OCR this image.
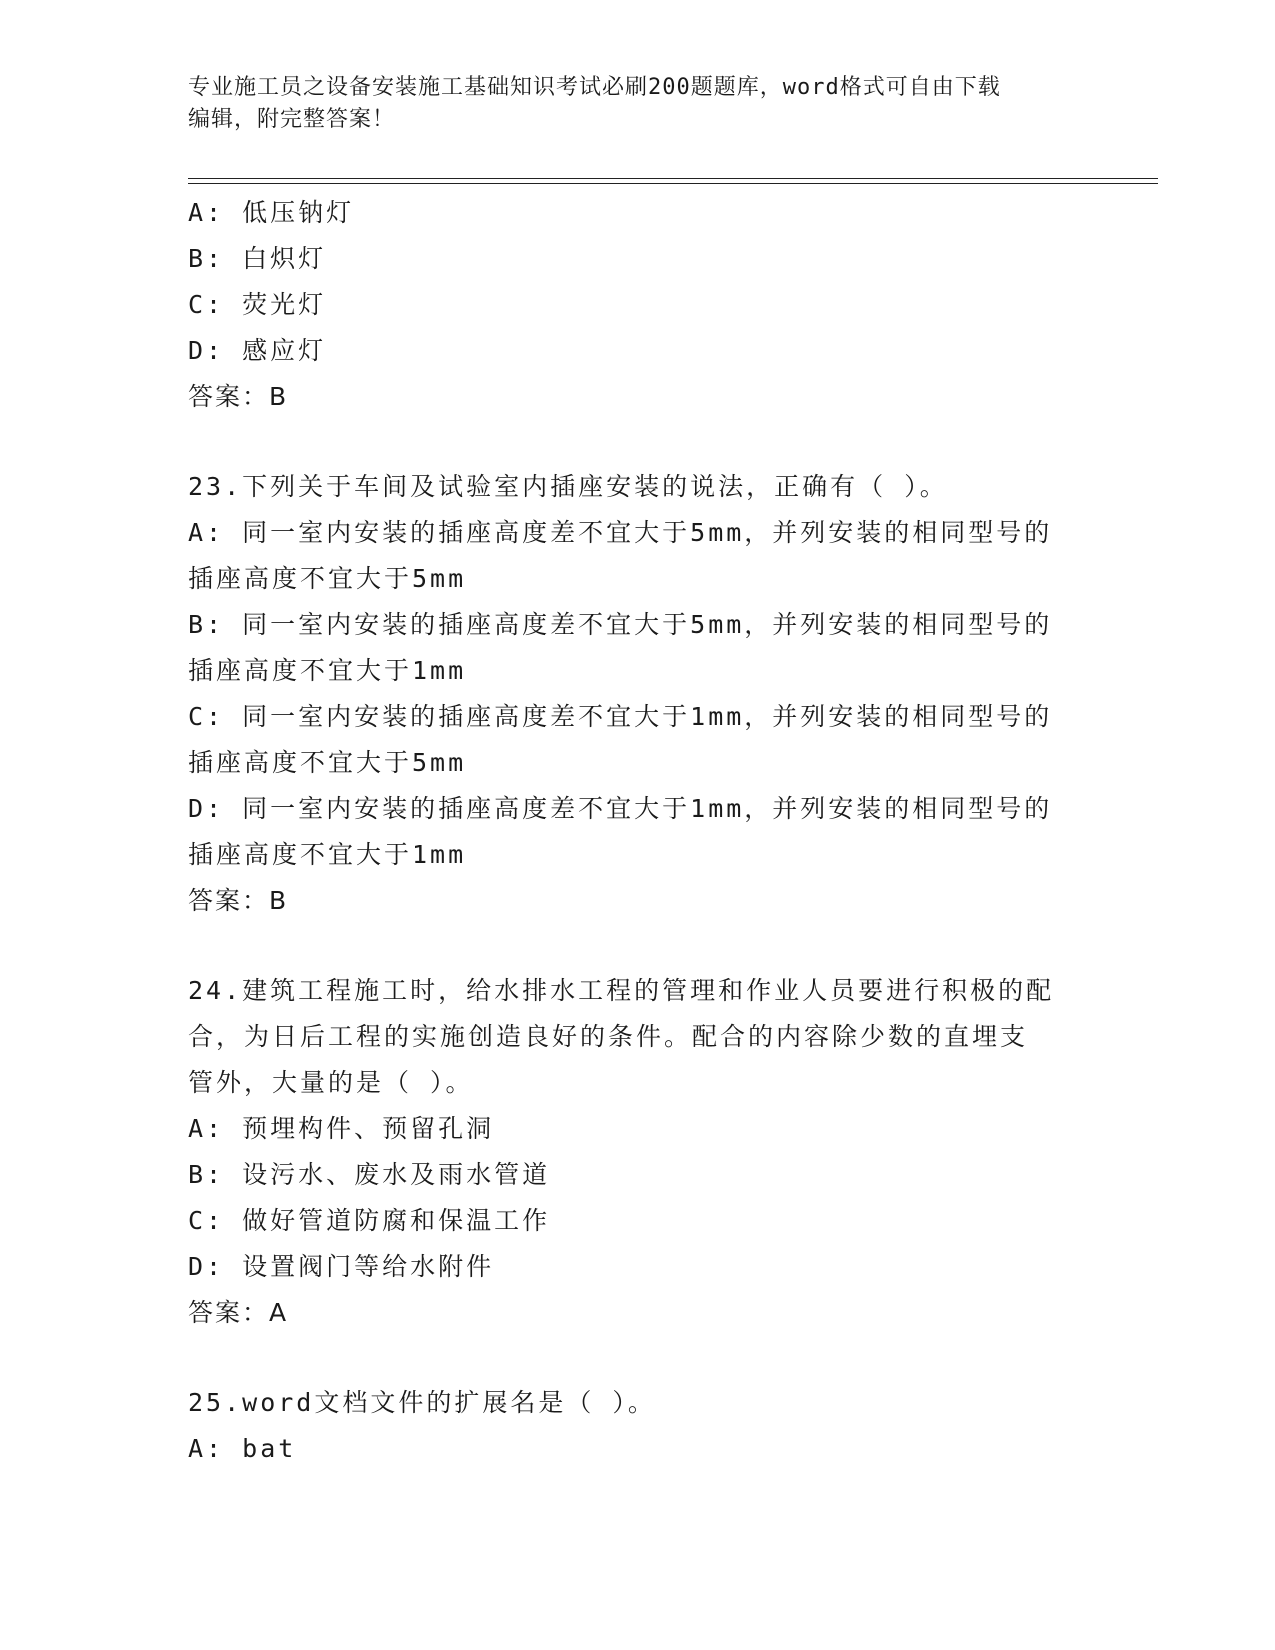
专业施工员之设备安装施工基础知识考试必刷200题题库，word格式可自由下载
编辑，附完整答案！
A: 低压钠灯
B: 白炽灯
C: 荧光灯
D: 感应灯
答案：B
23.下列关于车间及试验室内插座安装的说法，正确有（ ）。
A: 同一室内安装的插座高度差不宜大于5mm，并列安装的相同型号的
插座高度不宜大于5mm
B: 同一室内安装的插座高度差不宜大于5mm，并列安装的相同型号的
插座高度不宜大于1mm
C: 同一室内安装的插座高度差不宜大于1mm，并列安装的相同型号的
插座高度不宜大于5mm
D: 同一室内安装的插座高度差不宜大于1mm，并列安装的相同型号的
插座高度不宜大于1mm
答案：B
24.建筑工程施工时，给水排水工程的管理和作业人员要进行积极的配
合，为日后工程的实施创造良好的条件。配合的内容除少数的直埋支
管外，大量的是（ ）。
A: 预埋构件、预留孔洞
B: 设污水、废水及雨水管道
C: 做好管道防腐和保温工作
D: 设置阀门等给水附件
答案：A
25.word文档文件的扩展名是（ ）。
A: bat
